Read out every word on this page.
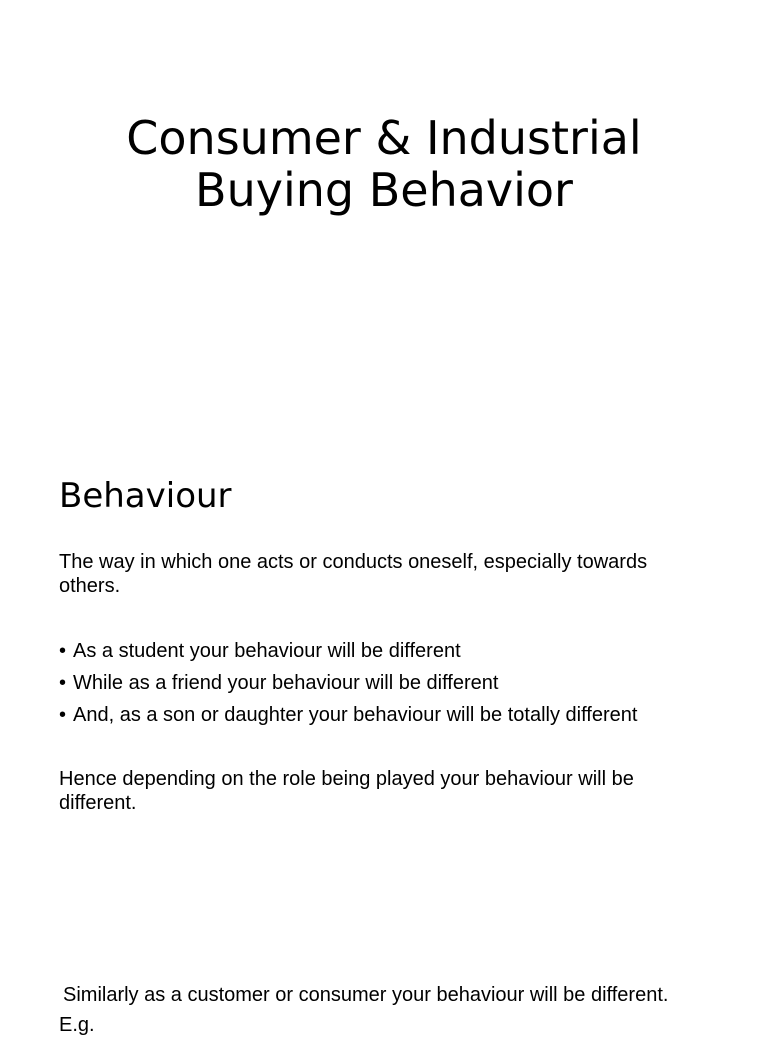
Consumer & Industrial
Buying Behavior
Behaviour

The way in which one acts or conducts oneself, especially towards others.

• As a student your behaviour will be different
• While as a friend your behaviour will be different
• And, as a son or daughter your behaviour will be totally different

Hence depending on the role being played your behaviour will be different.

Similarly as a customer or consumer your behaviour will be different.

E.g.
